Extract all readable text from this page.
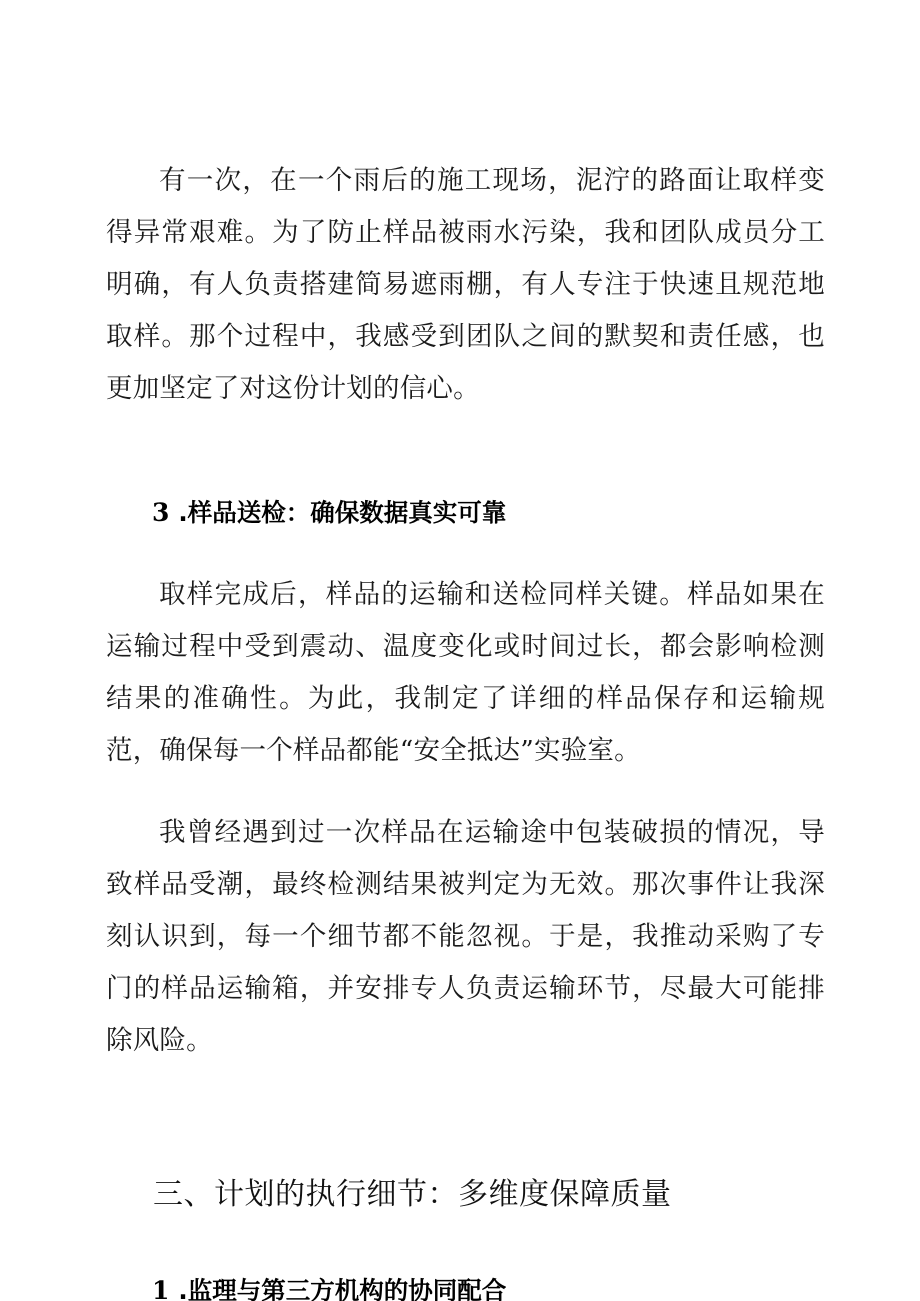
有一次，在一个雨后的施工现场，泥泞的路面让取样变得异常艰难。为了防止样品被雨水污染，我和团队成员分工明确，有人负责搭建简易遮雨棚，有人专注于快速且规范地取样。那个过程中，我感受到团队之间的默契和责任感，也更加坚定了对这份计划的信心。

3 .样品送检：确保数据真实可靠

取样完成后，样品的运输和送检同样关键。样品如果在运输过程中受到震动、温度变化或时间过长，都会影响检测结果的准确性。为此，我制定了详细的样品保存和运输规范，确保每一个样品都能“安全抵达”实验室。

我曾经遇到过一次样品在运输途中包装破损的情况，导致样品受潮，最终检测结果被判定为无效。那次事件让我深刻认识到，每一个细节都不能忽视。于是，我推动采购了专门的样品运输箱，并安排专人负责运输环节，尽最大可能排除风险。

三、计划的执行细节：多维度保障质量
1 .监理与第三方机构的协同配合
